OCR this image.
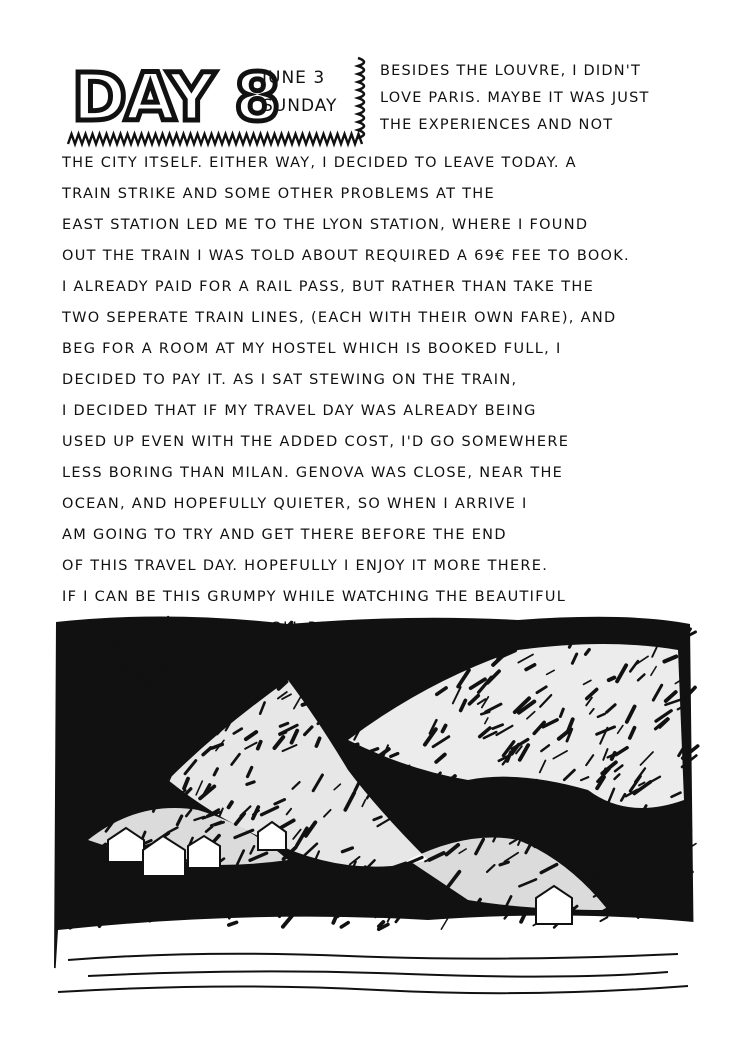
DAY 8
JUNE 3
SUNDAY
BESIDES THE LOUVRE, I DIDN'T
LOVE PARIS. MAYBE IT WAS JUST
THE EXPERIENCES AND NOT
THE CITY ITSELF. EITHER WAY, I DECIDED TO LEAVE TODAY. A
TRAIN STRIKE AND SOME OTHER PROBLEMS AT THE
EAST STATION LED ME TO THE LYON STATION, WHERE I FOUND
OUT THE TRAIN I WAS TOLD ABOUT REQUIRED A 69€ FEE TO BOOK.
I ALREADY PAID FOR A RAIL PASS, BUT RATHER THAN TAKE THE
TWO SEPERATE TRAIN LINES, (EACH WITH THEIR OWN FARE), AND
BEG FOR A ROOM AT MY HOSTEL WHICH IS BOOKED FULL, I
DECIDED TO PAY IT. AS I SAT STEWING ON THE TRAIN,
I DECIDED THAT IF MY TRAVEL DAY WAS ALREADY BEING
USED UP EVEN WITH THE ADDED COST, I'D GO SOMEWHERE
LESS BORING THAN MILAN. GENOVA WAS CLOSE, NEAR THE
OCEAN, AND HOPEFULLY QUIETER, SO WHEN I ARRIVE I
AM GOING TO TRY AND GET THERE BEFORE THE END
OF THIS TRAVEL DAY. HOPEFULLY I ENJOY IT MORE THERE.
IF I CAN BE THIS GRUMPY WHILE WATCHING THE BEAUTIFUL
